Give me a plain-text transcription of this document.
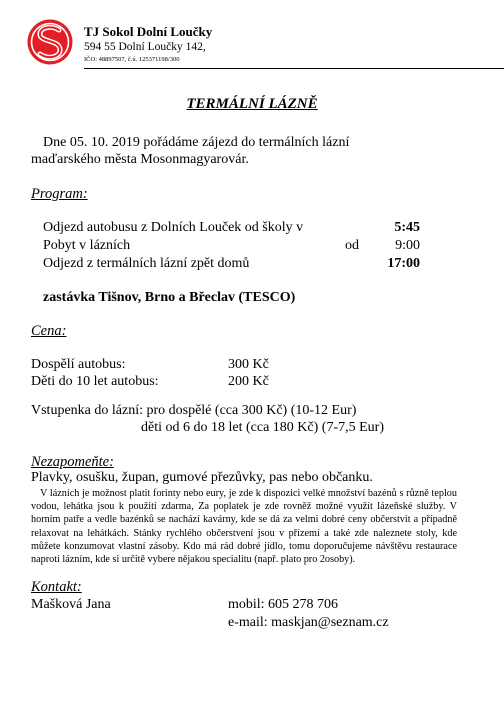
TJ Sokol Dolní Loučky
594 55 Dolní Loučky 142,
IČO: 48897507, č.ú. 125371198/300
TERMÁLNÍ LÁZNĚ
Dne 05. 10. 2019 pořádáme zájezd do termálních lázní
maďarského města Mosonmagyarovár.
Program:
Odjezd autobusu z Dolních Louček od školy v	5:45
Pobyt v lázních	od	9:00
Odjezd z termálních lázní zpět domů	17:00
zastávka Tišnov, Brno a Břeclav (TESCO)
Cena:
Dospělí autobus:	300 Kč
Děti do 10 let autobus:	200 Kč
Vstupenka do lázní: pro dospělé (cca 300 Kč) (10-12 Eur)
děti od 6 do 18 let (cca 180 Kč) (7-7,5 Eur)
Nezapomeňte:
Plavky, osušku, župan, gumové přezůvky, pas nebo občanku.
V lázních je možnost platit forinty nebo eury, je zde k dispozici velké množství bazénů s různě teplou vodou, lehátka jsou k použití zdarma, Za poplatek je zde rovněž možné využít lázeňské služby. V horním patře a vedle bazénků se nachází kavárny, kde se dá za velmi dobré ceny občerstvit a případně relaxovat na lehátkách. Stánky rychlého občerstvení jsou v přízemí a také zde naleznete stoly, kde můžete konzumovat vlastní zásoby. Kdo má rád dobré jídlo, tomu doporučujeme návštěvu restaurace naproti lázním, kde si určitě vybere nějakou specialitu (např. plato pro 2osoby).
Kontakt:
Mašková Jana	mobil: 605 278 706
e-mail: maskjan@seznam.cz
